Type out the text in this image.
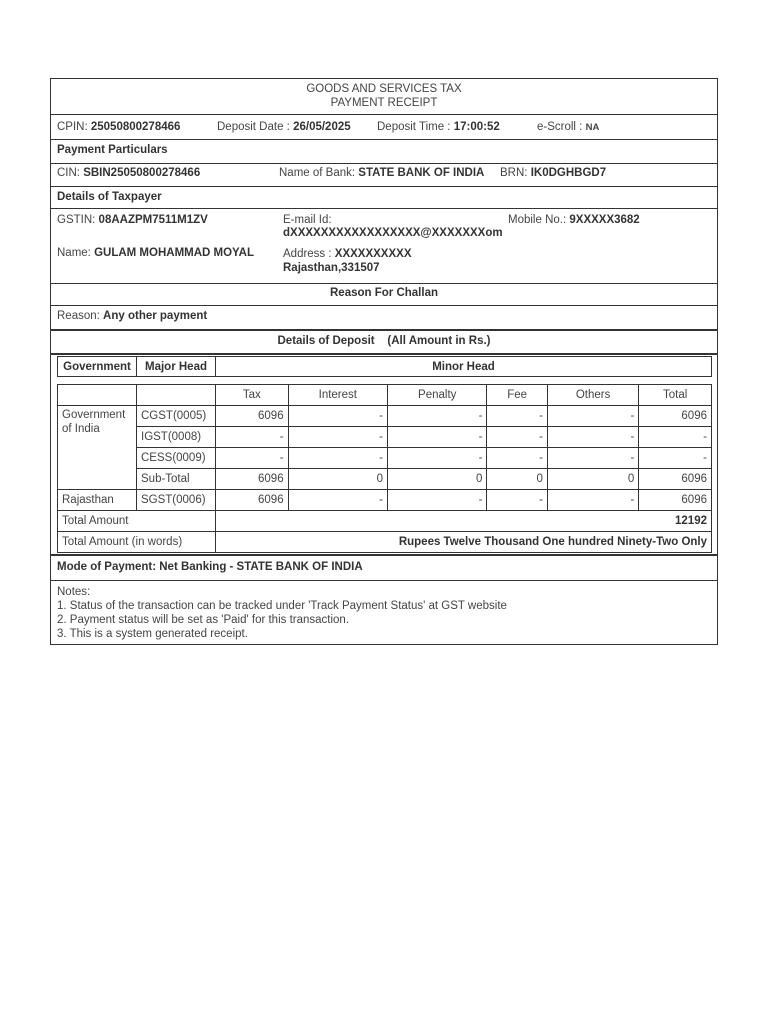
GOODS AND SERVICES TAX
PAYMENT RECEIPT
CPIN: 25050800278466	Deposit Date : 26/05/2025 Deposit Time : 17:00:52	e-Scroll : NA
Payment Particulars
CIN: SBIN25050800278466	Name of Bank: STATE BANK OF INDIA BRN: IK0DGHBGD7
Details of Taxpayer
GSTIN: 08AAZPM7511M1ZV	E-mail Id:
dXXXXXXXXXXXXXXXXX@XXXXXXXom
Mobile No.: 9XXXXX3682
Name: GULAM MOHAMMAD MOYAL	Address : XXXXXXXXXX
Rajasthan,331507
Reason For Challan
Reason: Any other payment
Details of Deposit (All Amount in Rs.)
Government	Major Head	Minor Head
		Tax	Interest	Penalty	Fee	Others	Total
Government of India	CGST(0005)	6096	-	-	-	-	6096
	IGST(0008)	-	-	-	-	-	-
	CESS(0009)	-	-	-	-	-	-
	Sub-Total	6096	0	0	0	0	6096
Rajasthan	SGST(0006)	6096	-	-	-	-	6096
Total Amount		12192					
Total Amount (in words)		Rupees Twelve Thousand One hundred Ninety-Two Only					
Mode of Payment: Net Banking - STATE BANK OF INDIA
Notes:
1. Status of the transaction can be tracked under 'Track Payment Status' at GST website
2. Payment status will be set as 'Paid' for this transaction.
3. This is a system generated receipt.
